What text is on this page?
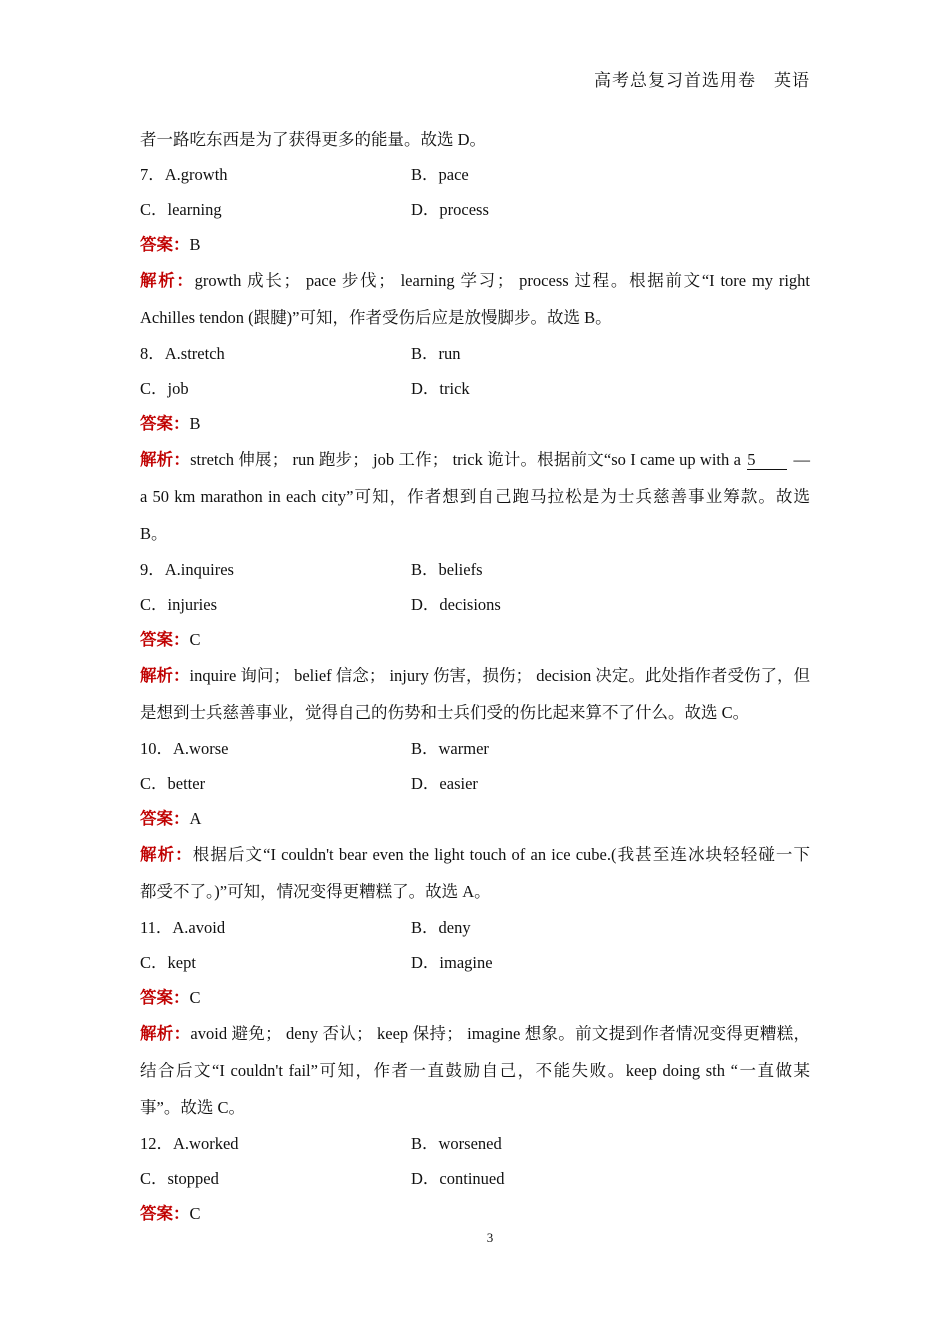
高考总复习首选用卷　英语
者一路吃东西是为了获得更多的能量。故选 D。
7．A.growth	B．pace
C．learning	D．process
答案：B
解析：growth 成长； pace 步伐； learning 学习； process 过程。根据前文“I tore my right
Achilles tendon (跟腱)”可知，作者受伤后应是放慢脚步。故选 B。
8．A.stretch	B．run
C．job	D．trick
答案：B
解析：stretch 伸展； run 跑步； job 工作； trick 诡计。根据前文“so I came up with a 5 —
a 50 km marathon in each city”可知，作者想到自己跑马拉松是为士兵慈善事业筹款。故选
B。
9．A.inquires	B．beliefs
C．injuries	D．decisions
答案：C
解析：inquire 询问； belief 信念； injury 伤害，损伤； decision 决定。此处指作者受伤了，但
是想到士兵慈善事业，觉得自己的伤势和士兵们受的伤比起来算不了什么。故选 C。
10．A.worse	B．warmer
C．better	D．easier
答案：A
解析：根据后文“I couldn't bear even the light touch of an ice cube.(我甚至连冰块轻轻碰一下
都受不了。)”可知，情况变得更糟糕了。故选 A。
11．A.avoid	B．deny
C．kept	D．imagine
答案：C
解析：avoid 避免； deny 否认； keep 保持； imagine 想象。前文提到作者情况变得更糟糕，
结合后文“I couldn't fail”可知，作者一直鼓励自己，不能失败。keep doing sth “一直做某
事”。故选 C。
12．A.worked	B．worsened
C．stopped	D．continued
答案：C
3
